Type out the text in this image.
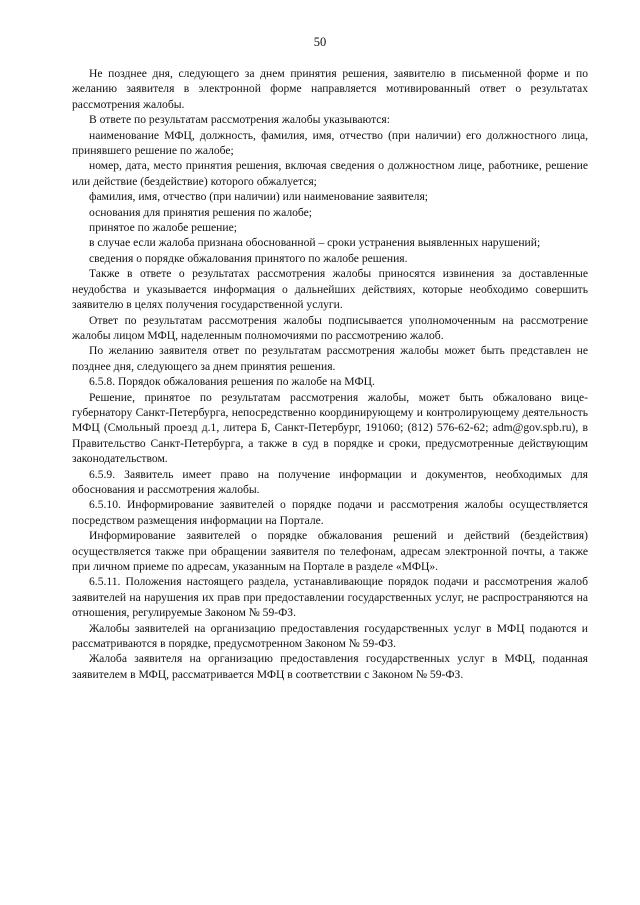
50

Не позднее дня, следующего за днем принятия решения, заявителю в письменной форме и по желанию заявителя в электронной форме направляется мотивированный ответ о результатах рассмотрения жалобы.

В ответе по результатам рассмотрения жалобы указываются:

наименование МФЦ, должность, фамилия, имя, отчество (при наличии) его должностного лица, принявшего решение по жалобе;

номер, дата, место принятия решения, включая сведения о должностном лице, работнике, решение или действие (бездействие) которого обжалуется;

фамилия, имя, отчество (при наличии) или наименование заявителя;

основания для принятия решения по жалобе;

принятое по жалобе решение;

в случае если жалоба признана обоснованной – сроки устранения выявленных нарушений;

сведения о порядке обжалования принятого по жалобе решения.

Также в ответе о результатах рассмотрения жалобы приносятся извинения за доставленные неудобства и указывается информация о дальнейших действиях, которые необходимо совершить заявителю в целях получения государственной услуги.

Ответ по результатам рассмотрения жалобы подписывается уполномоченным на рассмотрение жалобы лицом МФЦ, наделенным полномочиями по рассмотрению жалоб.

По желанию заявителя ответ по результатам рассмотрения жалобы может быть представлен не позднее дня, следующего за днем принятия решения.

6.5.8. Порядок обжалования решения по жалобе на МФЦ.

Решение, принятое по результатам рассмотрения жалобы, может быть обжаловано вице-губернатору Санкт-Петербурга, непосредственно координирующему и контролирующему деятельность МФЦ (Смольный проезд д.1, литера Б, Санкт-Петербург, 191060; (812) 576-62-62; adm@gov.spb.ru), в Правительство Санкт-Петербурга, а также в суд в порядке и сроки, предусмотренные действующим законодательством.

6.5.9. Заявитель имеет право на получение информации и документов, необходимых для обоснования и рассмотрения жалобы.

6.5.10. Информирование заявителей о порядке подачи и рассмотрения жалобы осуществляется посредством размещения информации на Портале.

Информирование заявителей о порядке обжалования решений и действий (бездействия) осуществляется также при обращении заявителя по телефонам, адресам электронной почты, а также при личном приеме по адресам, указанным на Портале в разделе «МФЦ».

6.5.11. Положения настоящего раздела, устанавливающие порядок подачи и рассмотрения жалоб заявителей на нарушения их прав при предоставлении государственных услуг, не распространяются на отношения, регулируемые Законом № 59-ФЗ.

Жалобы заявителей на организацию предоставления государственных услуг в МФЦ подаются и рассматриваются в порядке, предусмотренном Законом № 59-ФЗ.

Жалоба заявителя на организацию предоставления государственных услуг в МФЦ, поданная заявителем в МФЦ, рассматривается МФЦ в соответствии с Законом № 59-ФЗ.
